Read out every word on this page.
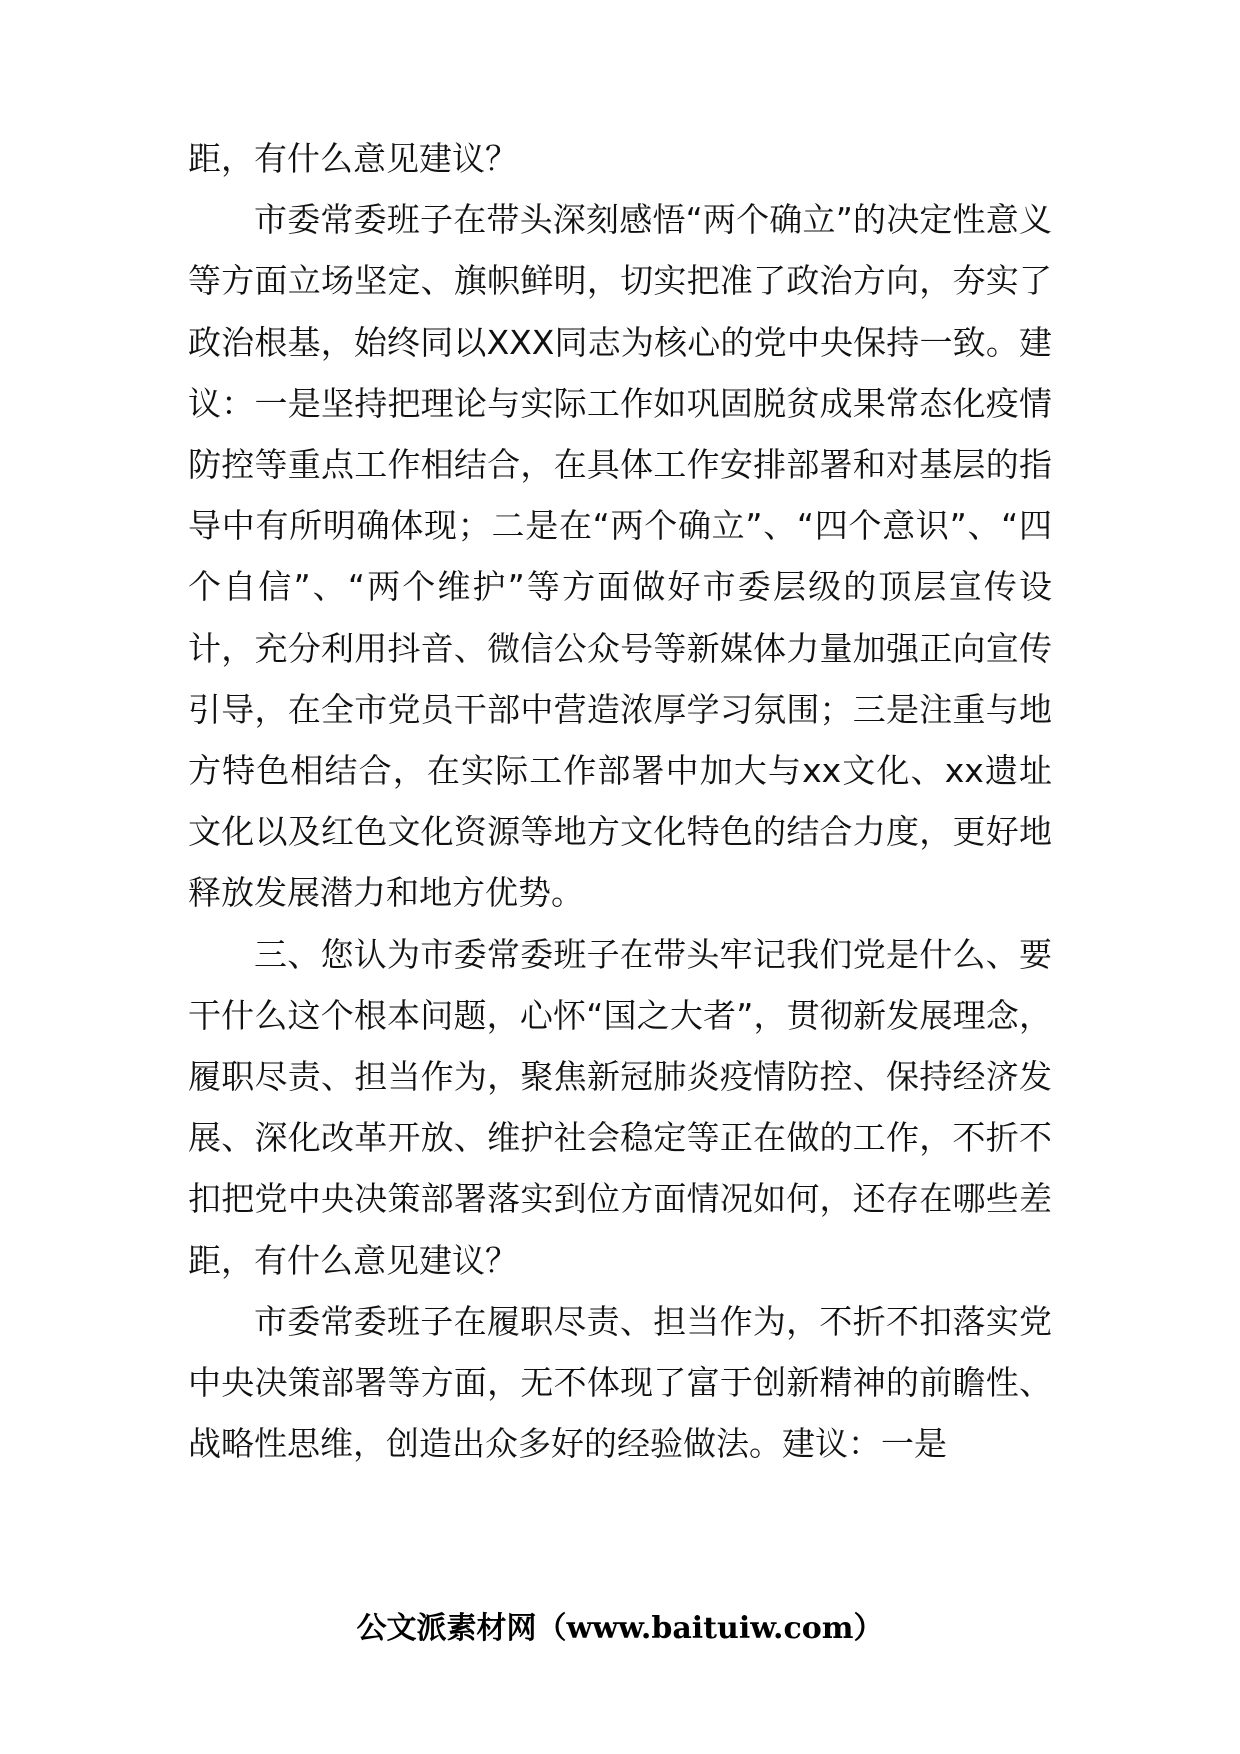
距，有什么意见建议？

市委常委班子在带头深刻感悟“两个确立”的决定性意义等方面立场坚定、旗帜鲜明，切实把准了政治方向，夯实了政治根基，始终同以XXX同志为核心的党中央保持一致。建议：一是坚持把理论与实际工作如巩固脱贫成果常态化疫情防控等重点工作相结合，在具体工作安排部署和对基层的指导中有所明确体现；二是在“两个确立”、“四个意识”、“四个自信”、“两个维护”等方面做好市委层级的顶层宣传设计，充分利用抖音、微信公众号等新媒体力量加强正向宣传引导，在全市党员干部中营造浓厚学习氛围；三是注重与地方特色相结合，在实际工作部署中加大与xx文化、xx遗址文化以及红色文化资源等地方文化特色的结合力度，更好地释放发展潜力和地方优势。

三、您认为市委常委班子在带头牢记我们党是什么、要干什么这个根本问题，心怀“国之大者”，贯彻新发展理念，履职尽责、担当作为，聚焦新冠肺炎疫情防控、保持经济发展、深化改革开放、维护社会稳定等正在做的工作，不折不扣把党中央决策部署落实到位方面情况如何，还存在哪些差距，有什么意见建议？

市委常委班子在履职尽责、担当作为，不折不扣落实党中央决策部署等方面，无不体现了富于创新精神的前瞻性、战略性思维，创造出众多好的经验做法。建议：一是

公文派素材网（www.baituiw.com）
